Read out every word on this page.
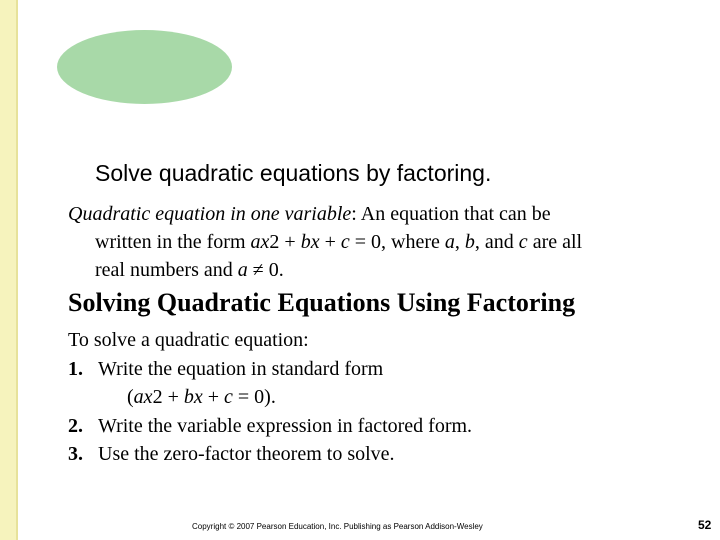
Solve quadratic equations by factoring.
Quadratic equation in one variable: An equation that can be
written in the form ax2 + bx + c = 0, where a, b, and c are all
real numbers and a ≠ 0.
Solving Quadratic Equations Using Factoring
To solve a quadratic equation:
1. Write the equation in standard form
(ax2 + bx + c = 0).
2. Write the variable expression in factored form.
3. Use the zero-factor theorem to solve.
Copyright © 2007 Pearson Education, Inc. Publishing as Pearson Addison-Wesley	52
